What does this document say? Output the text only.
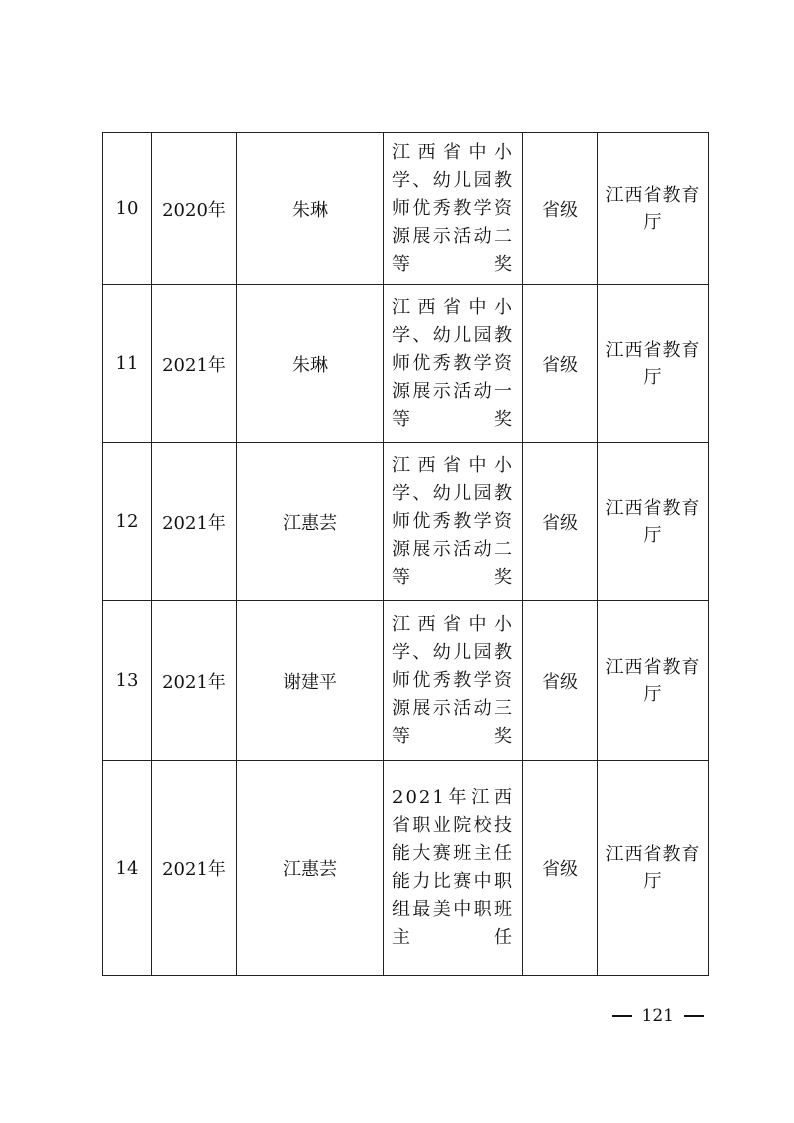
10	2020年	朱琳	江西省中小学、幼儿园教师优秀教学资源展示活动二等奖	省级	江西省教育厅

11	2021年	朱琳	江西省中小学、幼儿园教师优秀教学资源展示活动一等奖	省级	江西省教育厅

12	2021年	江惠芸	江西省中小学、幼儿园教师优秀教学资源展示活动二等奖	省级	江西省教育厅

13	2021年	谢建平	江西省中小学、幼儿园教师优秀教学资源展示活动三等奖	省级	江西省教育厅

14	2021年	江惠芸	2021年江西省职业院校技能大赛班主任能力比赛中职组最美中职班主任	省级	江西省教育厅
121
